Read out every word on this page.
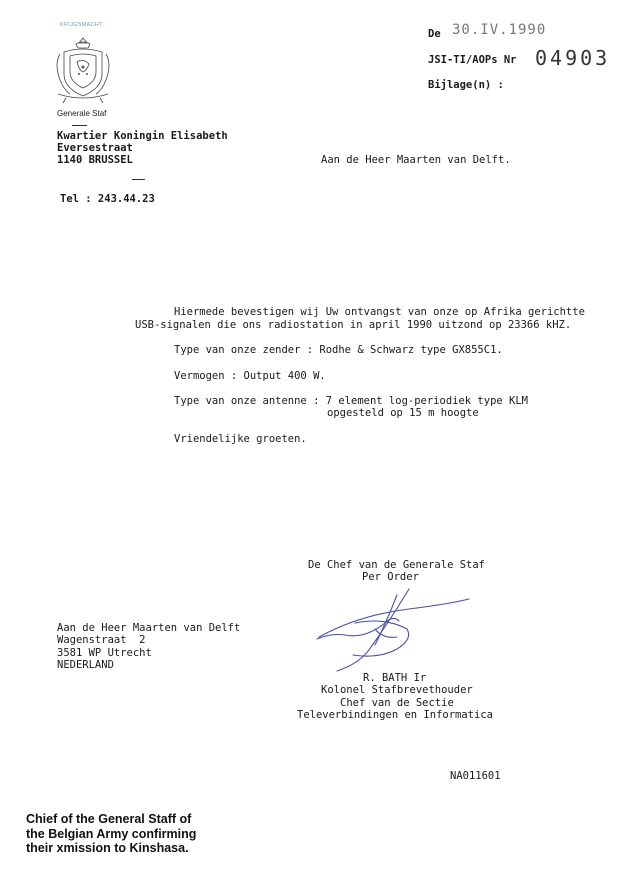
KRIJGSMACHT
Generale Staf
Kwartier Koningin Elisabeth
Eversestraat
1140 BRUSSEL
Tel : 243.44.23
De 30.IV.1990
JSI-TI/AOPs Nr 04903
Bijlage(n) :
Aan de Heer Maarten van Delft.
Hiermede bevestigen wij Uw ontvangst van onze op Afrika gerichtte
USB-signalen die ons radiostation in april 1990 uitzond op 23366 kHZ.
Type van onze zender : Rodhe & Schwarz type GX855C1.
Vermogen : Output 400 W.
Type van onze antenne : 7 element log-periodiek type KLM
opgesteld op 15 m hoogte
Vriendelijke groeten.
De Chef van de Generale Staf
Per Order
R. BATH Ir
Kolonel Stafbrevethouder
Chef van de Sectie
Televerbindingen en Informatica
Aan de Heer Maarten van Delft
Wagenstraat  2
3581 WP Utrecht
NEDERLAND
NA011601
Chief of the General Staff of
the Belgian Army confirming
their xmission to Kinshasa.
